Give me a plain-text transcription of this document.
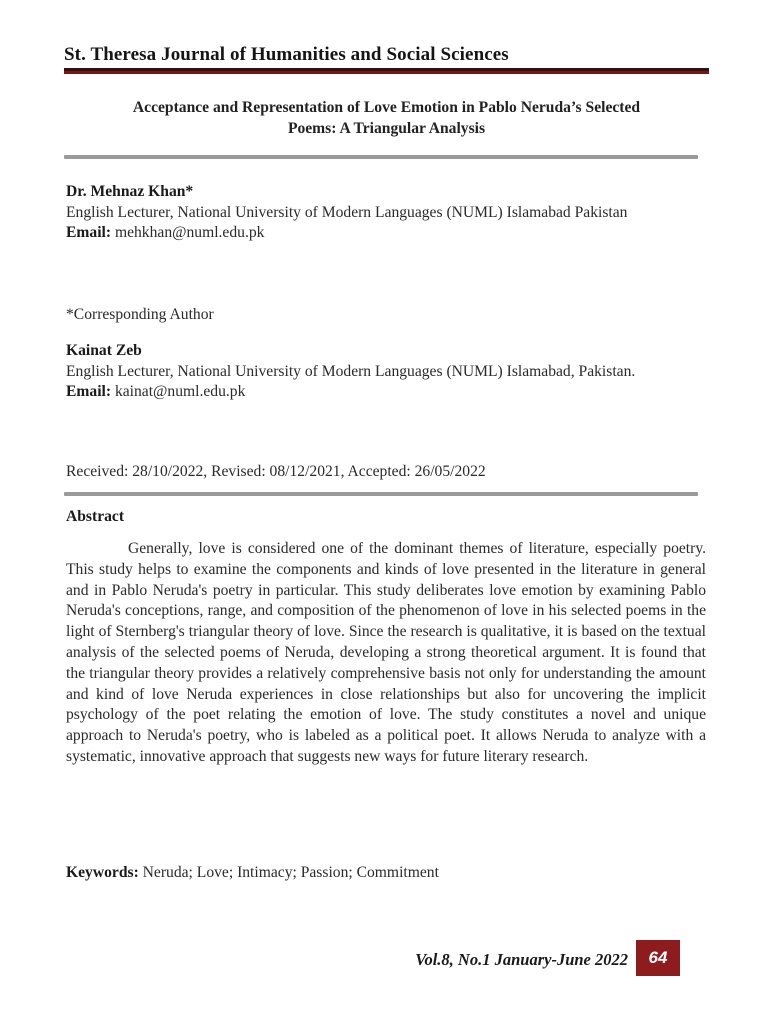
St. Theresa Journal of Humanities and Social Sciences
Acceptance and Representation of Love Emotion in Pablo Neruda’s Selected
Poems: A Triangular Analysis
Dr. Mehnaz Khan*
English Lecturer, National University of Modern Languages (NUML) Islamabad Pakistan
Email: mehkhan@numl.edu.pk
*Corresponding Author
Kainat Zeb
English Lecturer, National University of Modern Languages (NUML) Islamabad, Pakistan.
Email: kainat@numl.edu.pk
Received: 28/10/2022, Revised: 08/12/2021, Accepted: 26/05/2022
Abstract
Generally, love is considered one of the dominant themes of literature, especially poetry. This study helps to examine the components and kinds of love presented in the literature in general and in Pablo Neruda's poetry in particular. This study deliberates love emotion by examining Pablo Neruda's conceptions, range, and composition of the phenomenon of love in his selected poems in the light of Sternberg's triangular theory of love. Since the research is qualitative, it is based on the textual analysis of the selected poems of Neruda, developing a strong theoretical argument. It is found that the triangular theory provides a relatively comprehensive basis not only for understanding the amount and kind of love Neruda experiences in close relationships but also for uncovering the implicit psychology of the poet relating the emotion of love. The study constitutes a novel and unique approach to Neruda's poetry, who is labeled as a political poet. It allows Neruda to analyze with a systematic, innovative approach that suggests new ways for future literary research.
Keywords: Neruda; Love; Intimacy; Passion; Commitment
Vol.8, No.1 January-June 2022 64
